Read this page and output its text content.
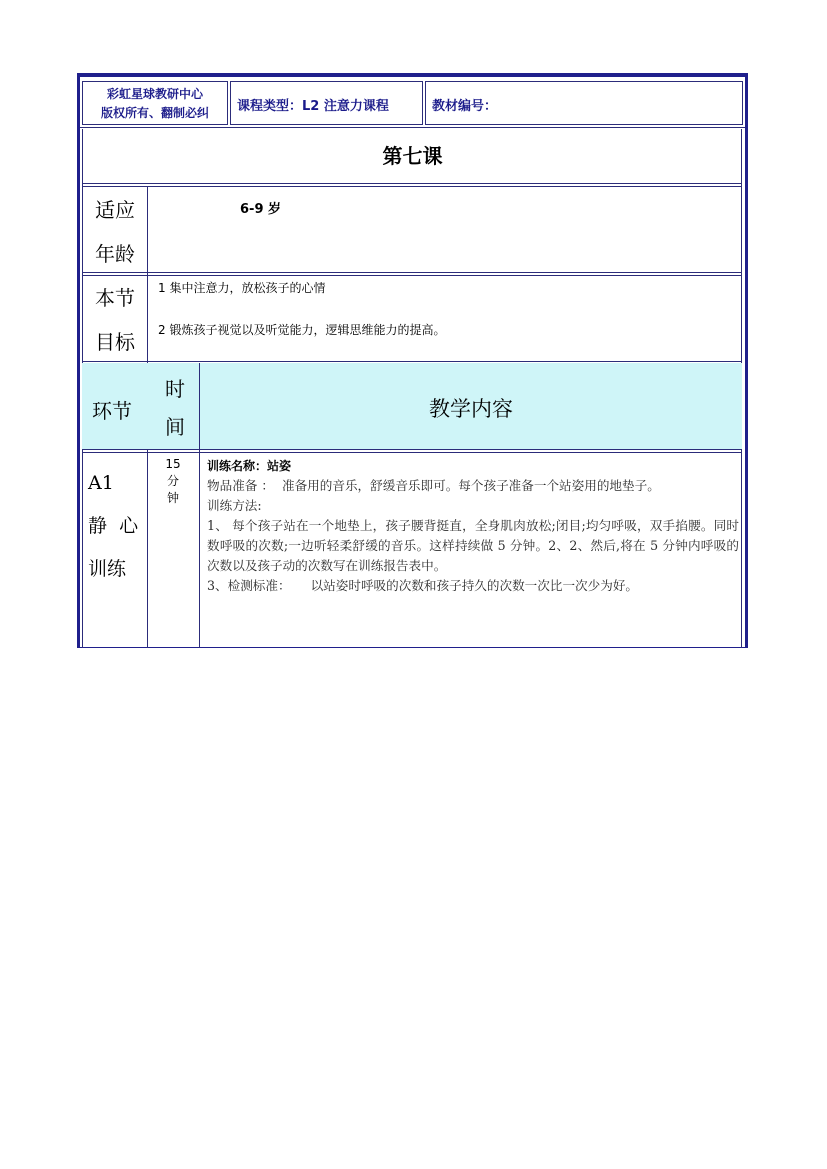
彩虹星球教研中心
版权所有、翻制必纠	课程类型：L2 注意力课程	教材编号：
第七课
适应
年龄
6-9 岁
本节
目标
1 集中注意力，放松孩子的心情
2 锻炼孩子视觉以及听觉能力，逻辑思维能力的提高。
环节
时
间
教学内容
A1
静  心
训练
15
分
钟
训练名称：站姿
物品准备 ：  准备用的音乐，舒缓音乐即可。每个孩子准备一个站姿用的地垫子。
训练方法:
1、 每个孩子站在一个地垫上，孩子腰背挺直，全身肌肉放松;闭目;均匀呼吸，双手掐腰。同时数呼吸的次数;一边听轻柔舒缓的音乐。这样持续做 5 分钟。2、2、然后,将在 5 分钟内呼吸的次数以及孩子动的次数写在训练报告表中。
3、检测标准：     以站姿时呼吸的次数和孩子持久的次数一次比一次少为好。
